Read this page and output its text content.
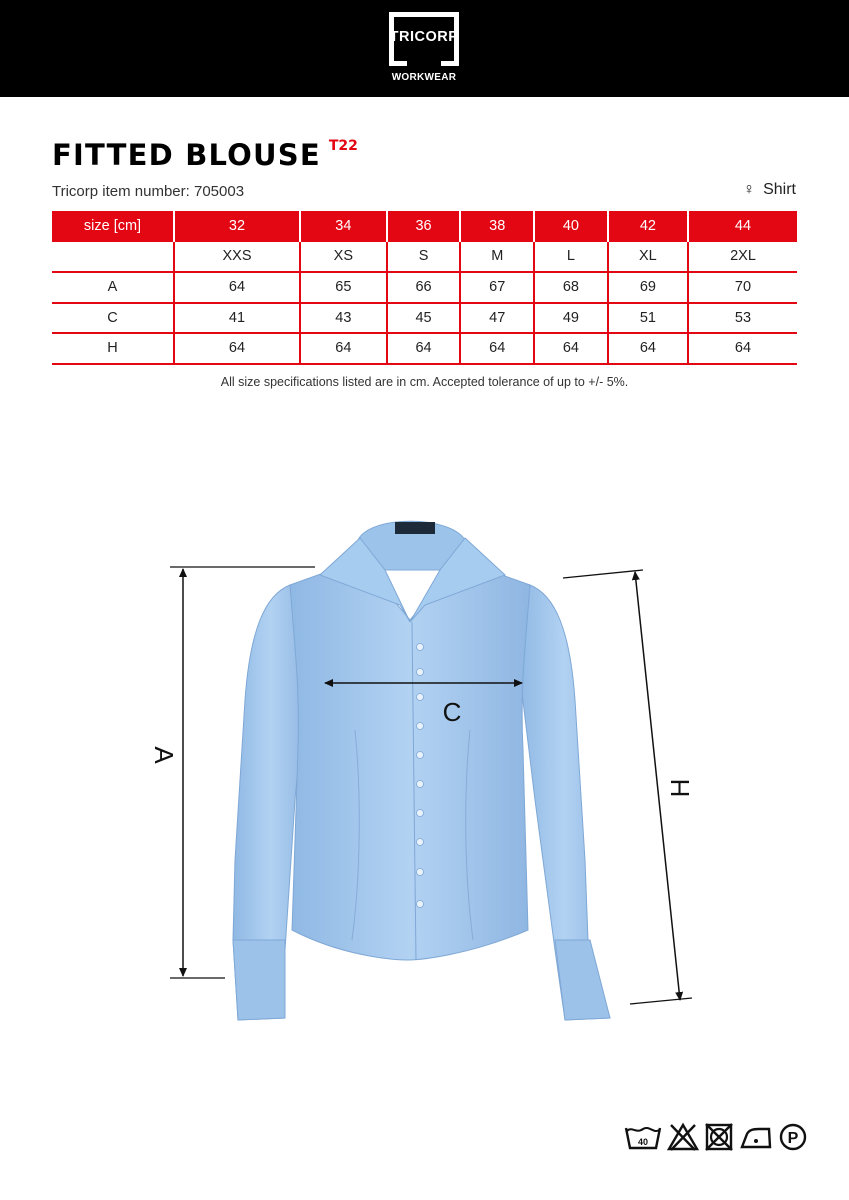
TRICORP
WORKWEAR
FITTED BLOUSE T22
Tricorp item number: 705003	♀ Shirt
size [cm]	32	34	36	38	40	42	44
	XXS	XS	S	M	L	XL	2XL
A	64	65	66	67	68	69	70
C	41	43	45	47	49	51	53
H	64	64	64	64	64	64	64
All size specifications listed are in cm. Accepted tolerance of up to +/- 5%.
A
C
H
40	P
